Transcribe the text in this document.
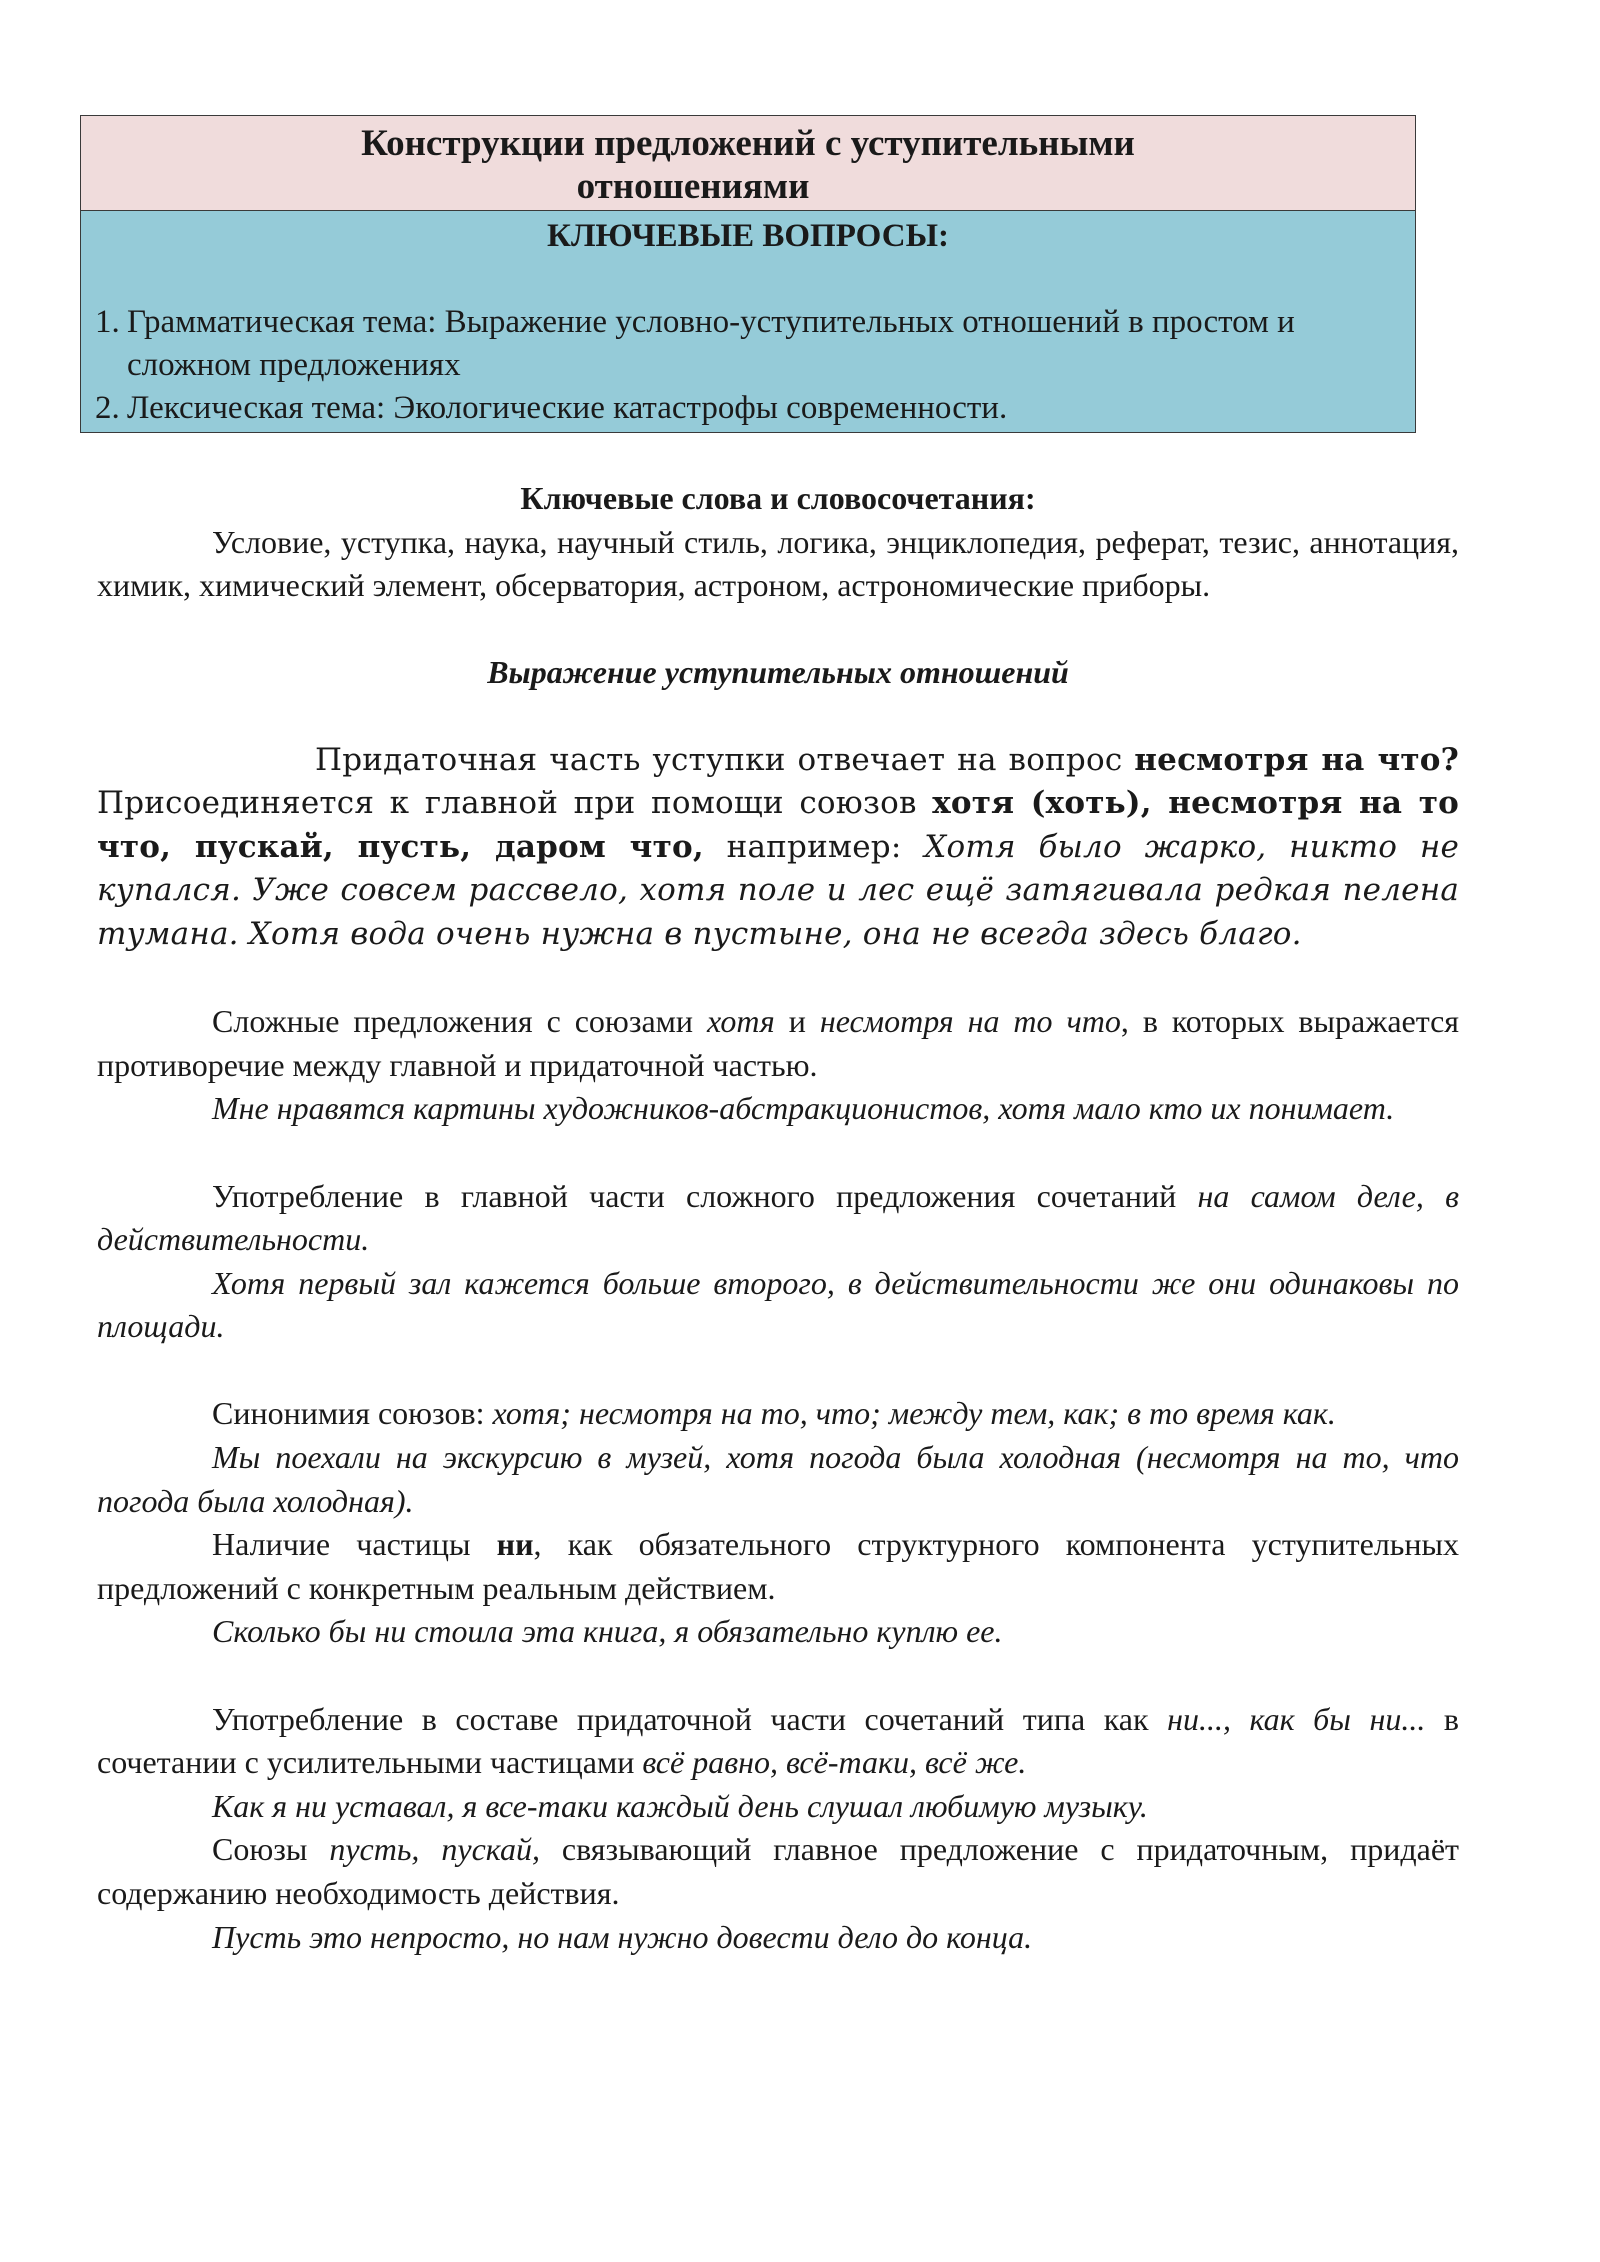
Конструкции предложений с уступительными

отношениями
КЛЮЧЕВЫЕ ВОПРОСЫ:
1. Грамматическая тема: Выражение условно-уступительных отношений в простом и сложном предложениях
2. Лексическая тема: Экологические катастрофы современности.

Ключевые слова и словосочетания:

Условие, уступка, наука, научный стиль, логика, энциклопедия, реферат, тезис, аннотация, химик, химический элемент, обсерватория, астроном, астрономические приборы.

Выражение уступительных отношений

Придаточная часть уступки отвечает на вопрос несмотря на что? Присоединяется к главной при помощи союзов хотя (хоть), несмотря на то что, пускай, пусть, даром что, например: Хотя было жарко, никто не купался. Уже совсем рассвело, хотя поле и лес ещё затягивала редкая пелена тумана. Хотя вода очень нужна в пустыне, она не всегда здесь благо.

Сложные предложения с союзами хотя и несмотря на то что, в которых выражается противоречие между главной и придаточной частью.

Мне нравятся картины художников-абстракционистов, хотя мало кто их понимает.

Употребление в главной части сложного предложения сочетаний на самом деле, в действительности.

Хотя первый зал кажется больше второго, в действительности же они одинаковы по площади.

Синонимия союзов: хотя; несмотря на то, что; между тем, как; в то время как.

Мы поехали на экскурсию в музей, хотя погода была холодная (несмотря на то, что погода была холодная).

Наличие частицы ни, как обязательного структурного компонента уступительных предложений с конкретным реальным действием.

Сколько бы ни стоила эта книга, я обязательно куплю ее.

Употребление в составе придаточной части сочетаний типа как ни..., как бы ни... в сочетании с усилительными частицами всё равно, всё-таки, всё же.

Как я ни уставал, я все-таки каждый день слушал любимую музыку.

Союзы пусть, пускай, связывающий главное предложение с придаточным, придаёт содержанию необходимость действия.

Пусть это непросто, но нам нужно довести дело до конца.
